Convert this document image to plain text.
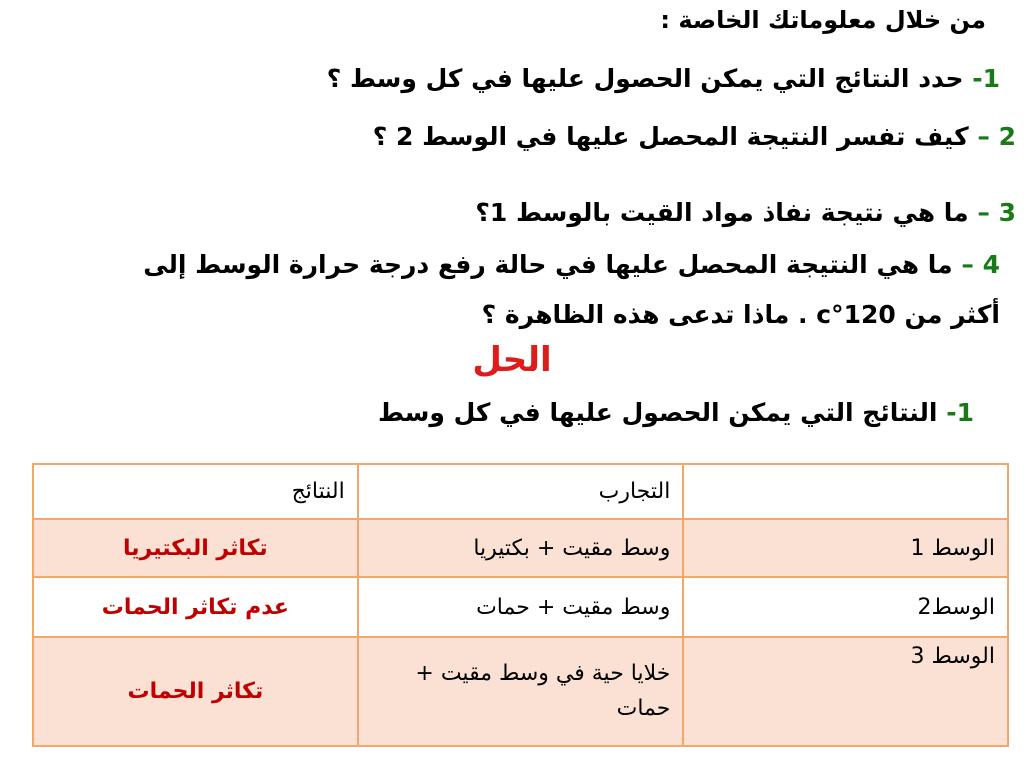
من خلال معلوماتك الخاصة :
1- حدد النتائج التي يمكن الحصول عليها في كل وسط ؟
2 – كيف تفسر النتيجة المحصل عليها في الوسط 2 ؟
3 – ما هي نتيجة نفاذ مواد القيت بالوسط 1؟
4 – ما هي النتيجة المحصل عليها في حالة رفع درجة حرارة الوسط إلى
أكثر من 120°c . ماذا تدعى هذه الظاهرة ؟
الحل
1- النتائج التي يمكن الحصول عليها في كل وسط
	التجارب	النتائج
الوسط 1	وسط مقيت + بكتيريا	تكاثر البكتيريا
الوسط2	وسط مقيت + حمات	عدم تكاثر الحمات
الوسط 3	خلايا حية في وسط مقيت + حمات	تكاثر الحمات
